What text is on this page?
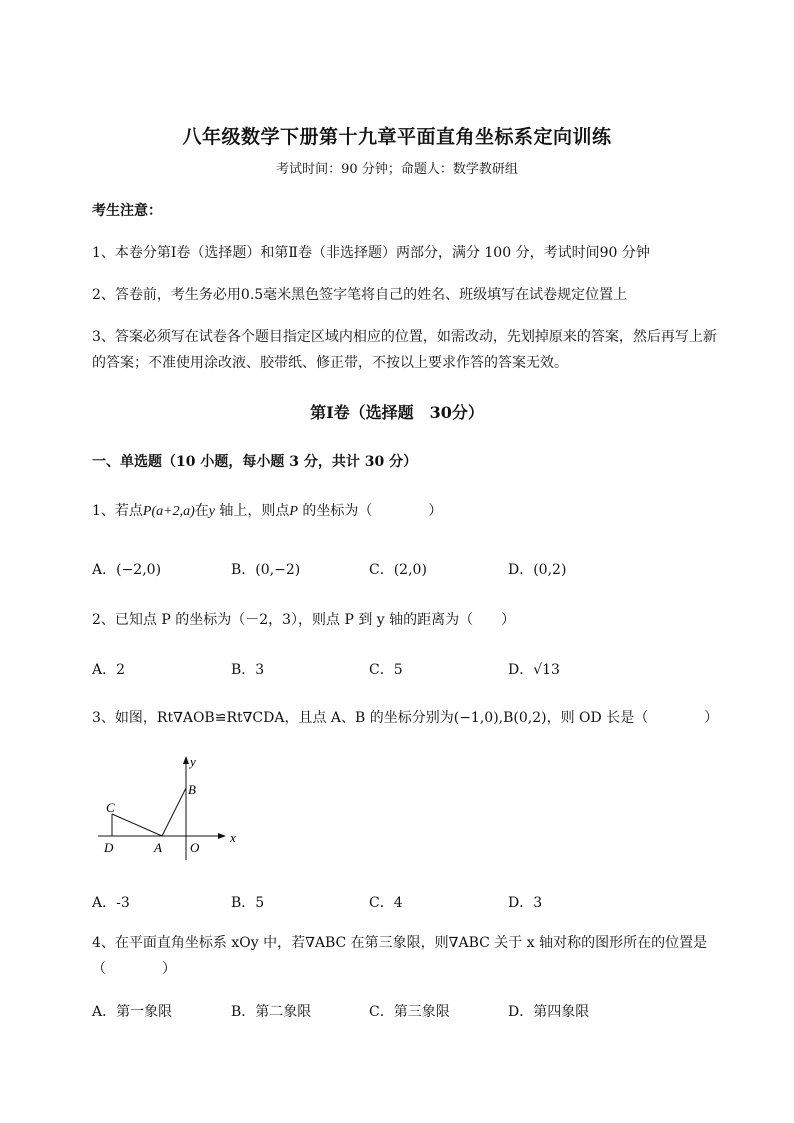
八年级数学下册第十九章平面直角坐标系定向训练
考试时间：90 分钟；命题人：数学教研组
考生注意：
1、本卷分第Ⅰ卷（选择题）和第Ⅱ卷（非选择题）两部分，满分 100 分，考试时间90 分钟
2、答卷前，考生务必用0.5毫米黑色签字笔将自己的姓名、班级填写在试卷规定位置上
3、答案必须写在试卷各个题目指定区域内相应的位置，如需改动，先划掉原来的答案，然后再写上新
的答案；不准使用涂改液、胶带纸、修正带，不按以上要求作答的答案无效。
第Ⅰ卷（选择题　30分）
一、单选题（10 小题，每小题 3 分，共计 30 分）
1、若点P(a+2,a)在y 轴上，则点P 的坐标为（　　　　）
A．(−2,0)	B．(0,−2)	C．(2,0)	D．(0,2)
2、已知点 P 的坐标为（－2，3），则点 P 到 y 轴的距离为（　　）
A．2	B．3	C．5	D．√13
3、如图，Rt∇AOB≌Rt∇CDA，且点 A、B 的坐标分别为(−1,0),B(0,2)，则 OD 长是（　　　　）
y
x
B
C
D	A O
A．-3	B．5	C．4	D．3
4、在平面直角坐标系 xOy 中，若∇ABC 在第三象限，则∇ABC 关于 x 轴对称的图形所在的位置是
（　　　　）
A．第一象限	B．第二象限	C．第三象限	D．第四象限
